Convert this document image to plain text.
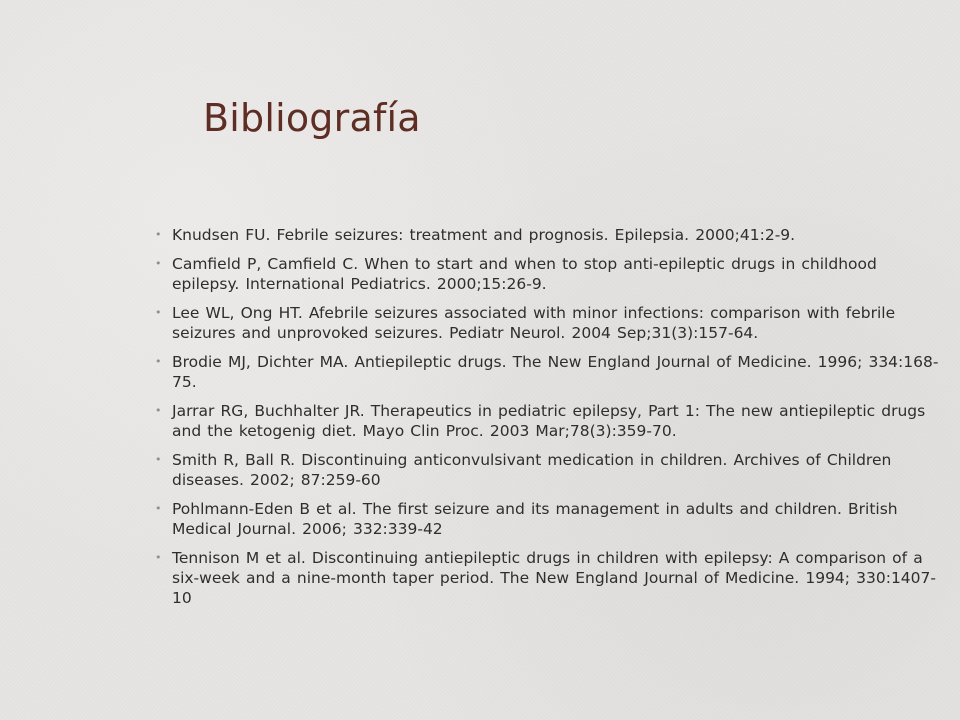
Bibliografía
• Knudsen FU. Febrile seizures: treatment and prognosis. Epilepsia. 2000;41:2-9.
• Camfield P, Camfield C. When to start and when to stop anti-epileptic drugs in childhood epilepsy. International Pediatrics. 2000;15:26-9.
• Lee WL, Ong HT. Afebrile seizures associated with minor infections: comparison with febrile seizures and unprovoked seizures. Pediatr Neurol. 2004 Sep;31(3):157-64.
• Brodie MJ, Dichter MA. Antiepileptic drugs. The New England Journal of Medicine. 1996; 334:168-75.
• Jarrar RG, Buchhalter JR. Therapeutics in pediatric epilepsy, Part 1: The new antiepileptic drugs and the ketogenig diet. Mayo Clin Proc. 2003 Mar;78(3):359-70.
• Smith R, Ball R. Discontinuing anticonvulsivant medication in children. Archives of Children diseases. 2002; 87:259-60
• Pohlmann-Eden B et al. The first seizure and its management in adults and children. British Medical Journal. 2006; 332:339-42
• Tennison M et al. Discontinuing antiepileptic drugs in children with epilepsy: A comparison of a six-week and a nine-month taper period. The New England Journal of Medicine. 1994; 330:1407-10
